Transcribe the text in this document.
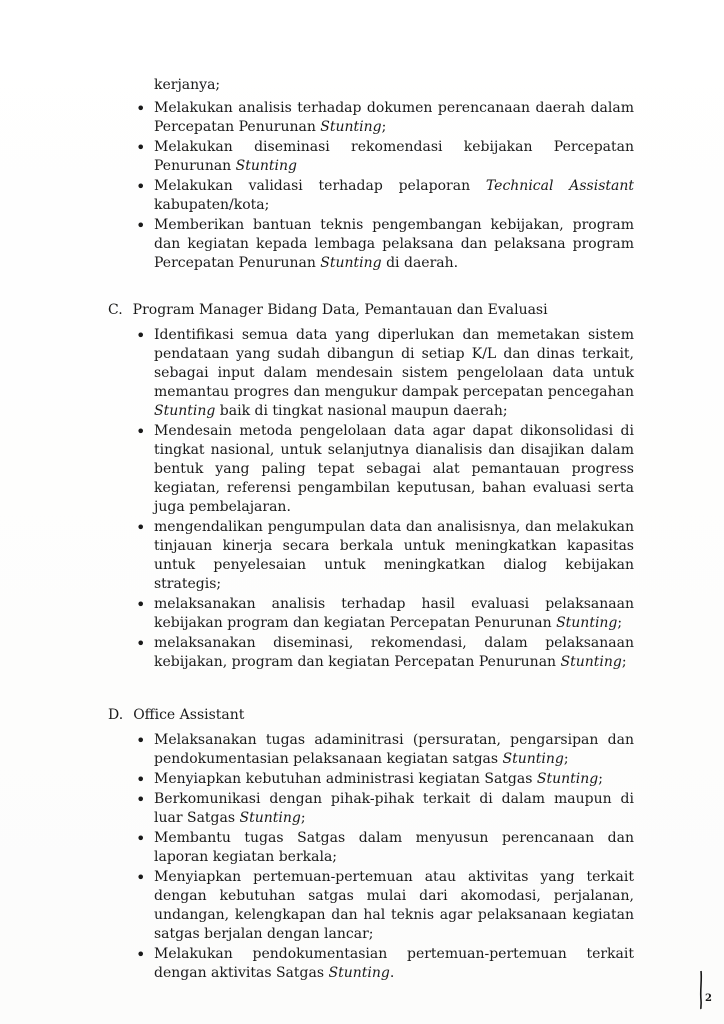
kerjanya;

• Melakukan analisis terhadap dokumen perencanaan daerah dalam Percepatan Penurunan Stunting;
• Melakukan diseminasi rekomendasi kebijakan Percepatan Penurunan Stunting
• Melakukan validasi terhadap pelaporan Technical Assistant kabupaten/kota;
• Memberikan bantuan teknis pengembangan kebijakan, program dan kegiatan kepada lembaga pelaksana dan pelaksana program Percepatan Penurunan Stunting di daerah.
C. Program Manager Bidang Data, Pemantauan dan Evaluasi
• Identifikasi semua data yang diperlukan dan memetakan sistem pendataan yang sudah dibangun di setiap K/L dan dinas terkait, sebagai input dalam mendesain sistem pengelolaan data untuk memantau progres dan mengukur dampak percepatan pencegahan Stunting baik di tingkat nasional maupun daerah;
• Mendesain metoda pengelolaan data agar dapat dikonsolidasi di tingkat nasional, untuk selanjutnya dianalisis dan disajikan dalam bentuk yang paling tepat sebagai alat pemantauan progress kegiatan, referensi pengambilan keputusan, bahan evaluasi serta juga pembelajaran.
• mengendalikan pengumpulan data dan analisisnya, dan melakukan tinjauan kinerja secara berkala untuk meningkatkan kapasitas untuk penyelesaian untuk meningkatkan dialog kebijakan strategis;
• melaksanakan analisis terhadap hasil evaluasi pelaksanaan kebijakan program dan kegiatan Percepatan Penurunan Stunting;
• melaksanakan diseminasi, rekomendasi, dalam pelaksanaan kebijakan, program dan kegiatan Percepatan Penurunan Stunting;
D. Office Assistant
• Melaksanakan tugas adaminitrasi (persuratan, pengarsipan dan pendokumentasian pelaksanaan kegiatan satgas Stunting;
• Menyiapkan kebutuhan administrasi kegiatan Satgas Stunting;
• Berkomunikasi dengan pihak-pihak terkait di dalam maupun di luar Satgas Stunting;
• Membantu tugas Satgas dalam menyusun perencanaan dan laporan kegiatan berkala;
• Menyiapkan pertemuan-pertemuan atau aktivitas yang terkait dengan kebutuhan satgas mulai dari akomodasi, perjalanan, undangan, kelengkapan dan hal teknis agar pelaksanaan kegiatan satgas berjalan dengan lancar;
• Melakukan pendokumentasian pertemuan-pertemuan terkait dengan aktivitas Satgas Stunting.
2
